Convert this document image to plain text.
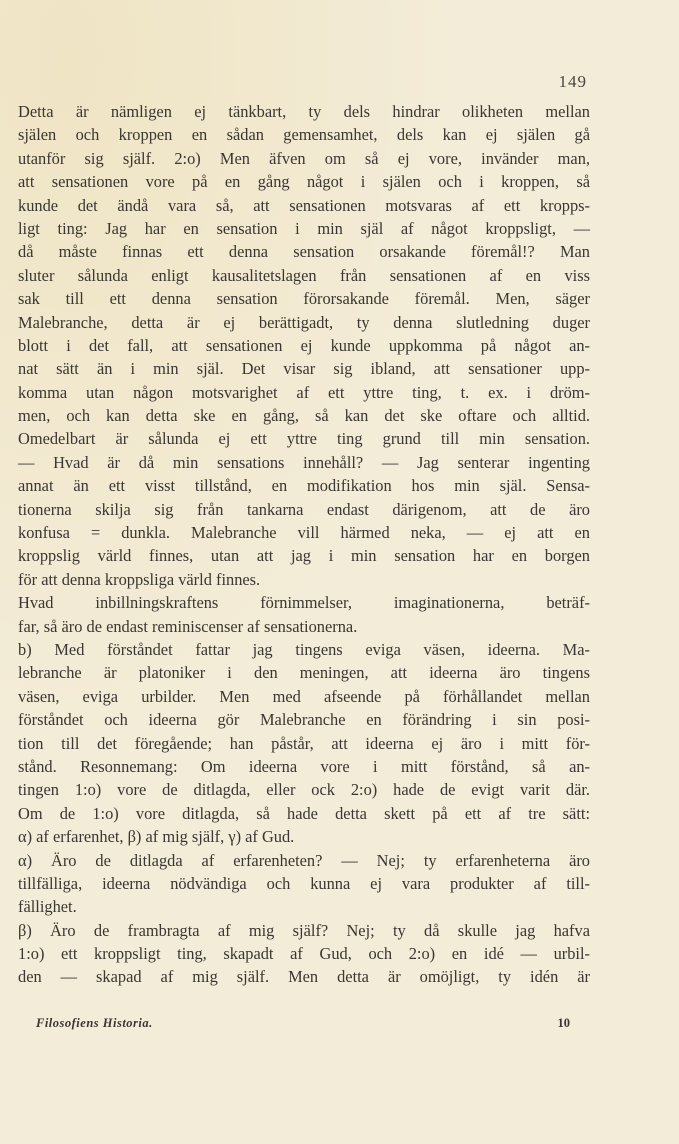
149
Detta är nämligen ej tänkbart, ty dels hindrar olikheten mellan
själen och kroppen en sådan gemensamhet, dels kan ej själen gå
utanför sig själf. 2:o) Men äfven om så ej vore, invänder man,
att sensationen vore på en gång något i själen och i kroppen, så
kunde det ändå vara så, att sensationen motsvaras af ett kropps-
ligt ting: Jag har en sensation i min själ af något kroppsligt, —
då måste finnas ett denna sensation orsakande föremål!? Man
sluter sålunda enligt kausalitetslagen från sensationen af en viss
sak till ett denna sensation förorsakande föremål. Men, säger
Malebranche, detta är ej berättigadt, ty denna slutledning duger
blott i det fall, att sensationen ej kunde uppkomma på något an-
nat sätt än i min själ. Det visar sig ibland, att sensationer upp-
komma utan någon motsvarighet af ett yttre ting, t. ex. i dröm-
men, och kan detta ske en gång, så kan det ske oftare och alltid.
Omedelbart är sålunda ej ett yttre ting grund till min sensation.
— Hvad är då min sensations innehåll? — Jag senterar ingenting
annat än ett visst tillstånd, en modifikation hos min själ. Sensa-
tionerna skilja sig från tankarna endast därigenom, att de äro
konfusa = dunkla. Malebranche vill härmed neka, — ej att en
kroppslig värld finnes, utan att jag i min sensation har en borgen
för att denna kroppsliga värld finnes.
Hvad inbillningskraftens förnimmelser, imaginationerna, beträf-
far, så äro de endast reminiscenser af sensationerna.
b) Med förståndet fattar jag tingens eviga väsen, ideerna. Ma-
lebranche är platoniker i den meningen, att ideerna äro tingens
väsen, eviga urbilder. Men med afseende på förhållandet mellan
förståndet och ideerna gör Malebranche en förändring i sin posi-
tion till det föregående; han påstår, att ideerna ej äro i mitt för-
stånd. Resonnemang: Om ideerna vore i mitt förstånd, så an-
tingen 1:o) vore de ditlagda, eller ock 2:o) hade de evigt varit där.
Om de 1:o) vore ditlagda, så hade detta skett på ett af tre sätt:
α) af erfarenhet, β) af mig själf, γ) af Gud.
α) Äro de ditlagda af erfarenheten? — Nej; ty erfarenheterna äro
tillfälliga, ideerna nödvändiga och kunna ej vara produkter af till-
fällighet.
β) Äro de frambragta af mig själf? Nej; ty då skulle jag hafva
1:o) ett kroppsligt ting, skapadt af Gud, och 2:o) en idé — urbil-
den — skapad af mig själf. Men detta är omöjligt, ty idén är
Filosofiens Historia.	10
